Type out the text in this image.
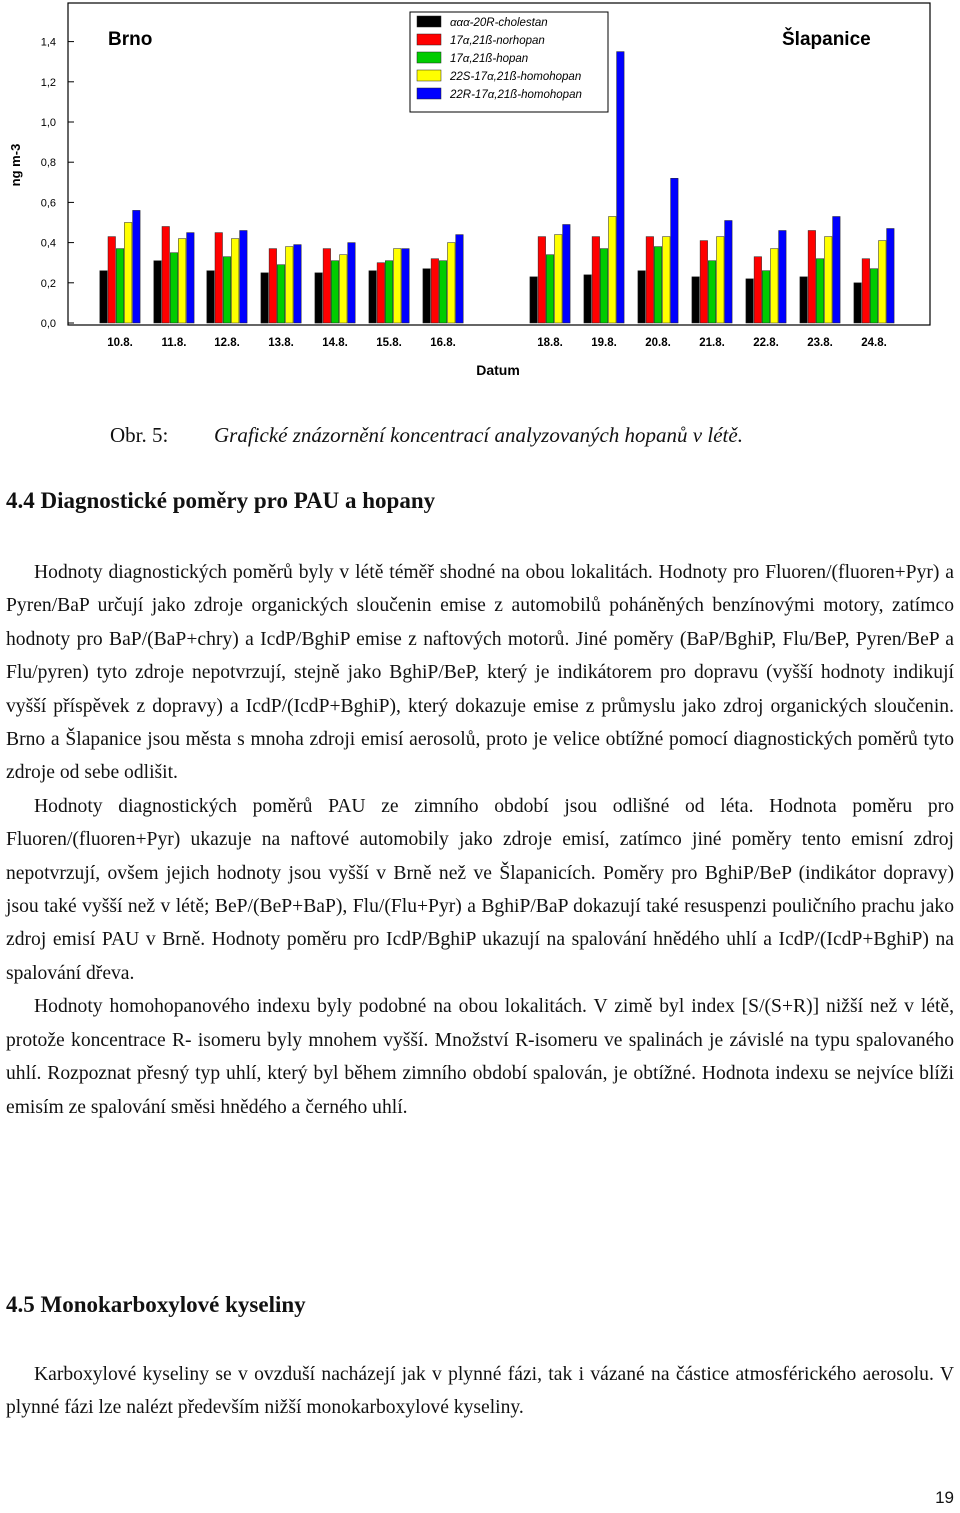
0,0
0,2
0,4
0,6
0,8
1,0
1,2
1,4
10.8. 11.8. 12.8. 13.8. 14.8. 15.8. 16.8.	18.8. 19.8. 20.8. 21.8. 22.8. 23.8. 24.8.
ng m-3
Datum
Brno	Šlapanice
ααα-20R-cholestan
17α,21ß-norhopan
17α,21ß-hopan
22S-17α,21ß-homohopan
22R-17α,21ß-homohopan
Obr. 5: Grafické znázornění koncentrací analyzovaných hopanů v létě.
4.4 Diagnostické poměry pro PAU a hopany

Hodnoty diagnostických poměrů byly v létě téměř shodné na obou lokalitách. Hodnoty pro Fluoren/(fluoren+Pyr) a Pyren/BaP určují jako zdroje organických sloučenin emise z automobilů poháněných benzínovými motory, zatímco hodnoty pro BaP/(BaP+chry) a IcdP/BghiP emise z naftových motorů. Jiné poměry (BaP/BghiP, Flu/BeP, Pyren/BeP a Flu/pyren) tyto zdroje nepotvrzují, stejně jako BghiP/BeP, který je indikátorem pro dopravu (vyšší hodnoty indikují vyšší příspěvek z dopravy) a IcdP/(IcdP+BghiP), který dokazuje emise z průmyslu jako zdroj organických sloučenin. Brno a Šlapanice jsou města s mnoha zdroji emisí aerosolů, proto je velice obtížné pomocí diagnostických poměrů tyto zdroje od sebe odlišit.

Hodnoty diagnostických poměrů PAU ze zimního období jsou odlišné od léta. Hodnota poměru pro Fluoren/(fluoren+Pyr) ukazuje na naftové automobily jako zdroje emisí, zatímco jiné poměry tento emisní zdroj nepotvrzují, ovšem jejich hodnoty jsou vyšší v Brně než ve Šlapanicích. Poměry pro BghiP/BeP (indikátor dopravy) jsou také vyšší než v létě; BeP/(BeP+BaP), Flu/(Flu+Pyr) a BghiP/BaP dokazují také resuspenzi pouličního prachu jako zdroj emisí PAU v Brně. Hodnoty poměru pro IcdP/BghiP ukazují na spalování hnědého uhlí a IcdP/(IcdP+BghiP) na spalování dřeva.

Hodnoty homohopanového indexu byly podobné na obou lokalitách. V zimě byl index [S/(S+R)] nižší než v létě, protože koncentrace R- isomeru byly mnohem vyšší. Množství R-isomeru ve spalinách je závislé na typu spalovaného uhlí. Rozpoznat přesný typ uhlí, který byl během zimního období spalován, je obtížné. Hodnota indexu se nejvíce blíži emisím ze spalování směsi hnědého a černého uhlí.

4.5 Monokarboxylové kyseliny

Karboxylové kyseliny se v ovzduší nacházejí jak v plynné fázi, tak i vázané na částice atmosférického aerosolu. V plynné fázi lze nalézt především nižší monokarboxylové kyseliny.

19
